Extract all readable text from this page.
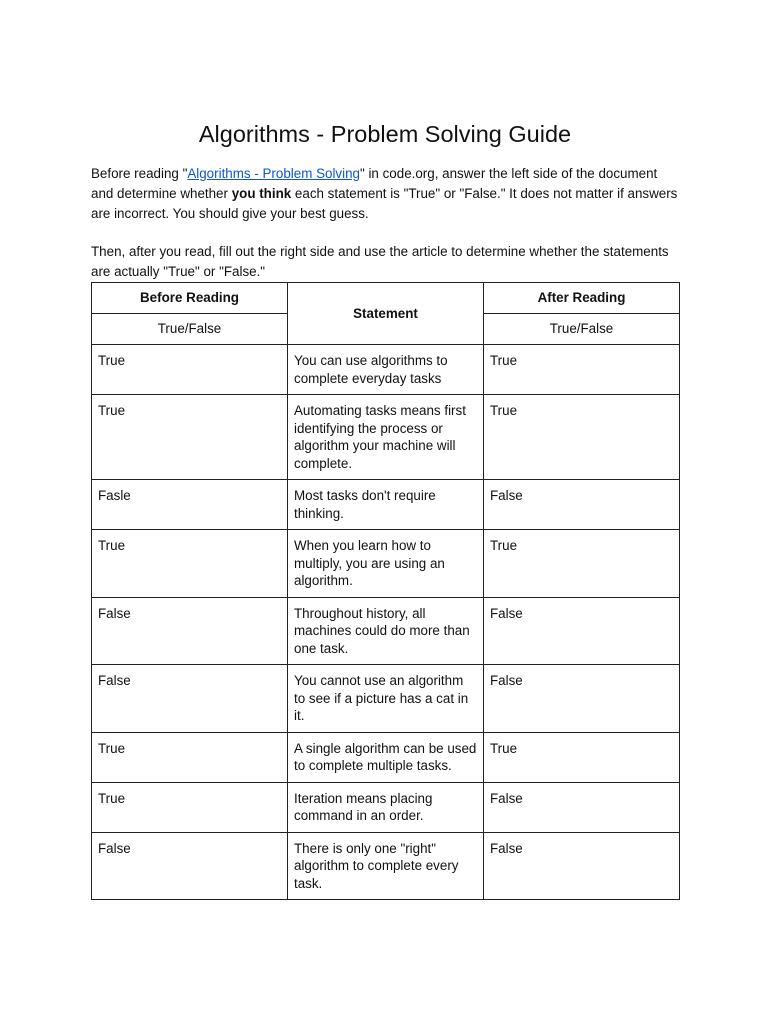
Algorithms - Problem Solving Guide

Before reading "Algorithms - Problem Solving" in code.org, answer the left side of the document and determine whether you think each statement is "True" or "False." It does not matter if answers are incorrect. You should give your best guess.

Then, after you read, fill out the right side and use the article to determine whether the statements are actually "True" or "False."

Before Reading	Statement	After Reading
True/False		True/False
True	You can use algorithms to complete everyday tasks	True
True	Automating tasks means first identifying the process or algorithm your machine will complete.	True
Fasle	Most tasks don't require thinking.	False
True	When you learn how to multiply, you are using an algorithm.	True
False	Throughout history, all machines could do more than one task.	False
False	You cannot use an algorithm to see if a picture has a cat in it.	False
True	A single algorithm can be used to complete multiple tasks.	True
True	Iteration means placing command in an order.	False
False	There is only one "right" algorithm to complete every task.	False
